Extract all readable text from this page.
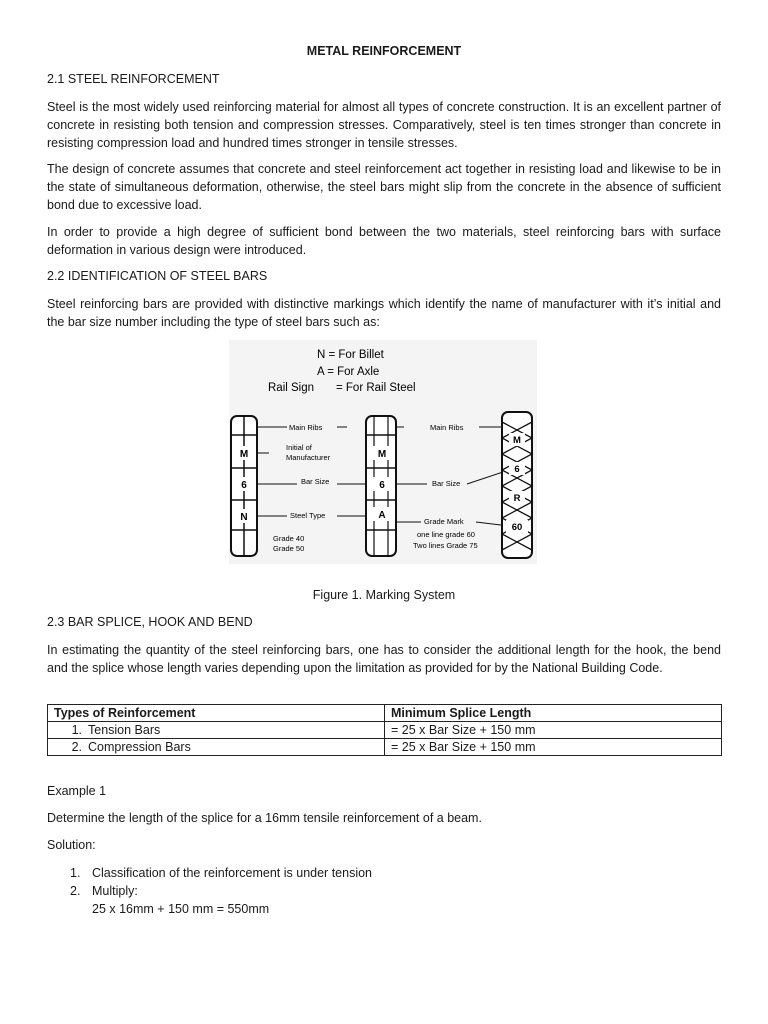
METAL REINFORCEMENT
2.1 STEEL REINFORCEMENT
Steel is the most widely used reinforcing material for almost all types of concrete construction. It is an excellent partner of concrete in resisting both tension and compression stresses. Comparatively, steel is ten times stronger than concrete in resisting compression load and hundred times stronger in tensile stresses.
The design of concrete assumes that concrete and steel reinforcement act together in resisting load and likewise to be in the state of simultaneous deformation, otherwise, the steel bars might slip from the concrete in the absence of sufficient bond due to excessive load.
In order to provide a high degree of sufficient bond between the two materials, steel reinforcing bars with surface deformation in various design were introduced.
2.2 IDENTIFICATION OF STEEL BARS
Steel reinforcing bars are provided with distinctive markings which identify the name of manufacturer with it’s initial and the bar size number including the type of steel bars such as:
N = For Billet
A = For Axle
Rail Sign = For Rail Steel
M
6
N
Main Ribs
Initial of
Manufacturer
Bar Size
Steel Type
Grade 40
Grade 50
M
6
A
Main Ribs
Bar Size
Grade Mark
one line grade 60
Two lines Grade 75
M
6
R
60
Figure 1. Marking System
2.3 BAR SPLICE, HOOK AND BEND
In estimating the quantity of the steel reinforcing bars, one has to consider the additional length for the hook, the bend and the splice whose length varies depending upon the limitation as provided for by the National Building Code.
Types of Reinforcement	Minimum Splice Length
1. Tension Bars	= 25 x Bar Size + 150 mm
2. Compression Bars	= 25 x Bar Size + 150 mm
Example 1
Determine the length of the splice for a 16mm tensile reinforcement of a beam.
Solution:
1. Classification of the reinforcement is under tension
2. Multiply:
25 x 16mm + 150 mm = 550mm
